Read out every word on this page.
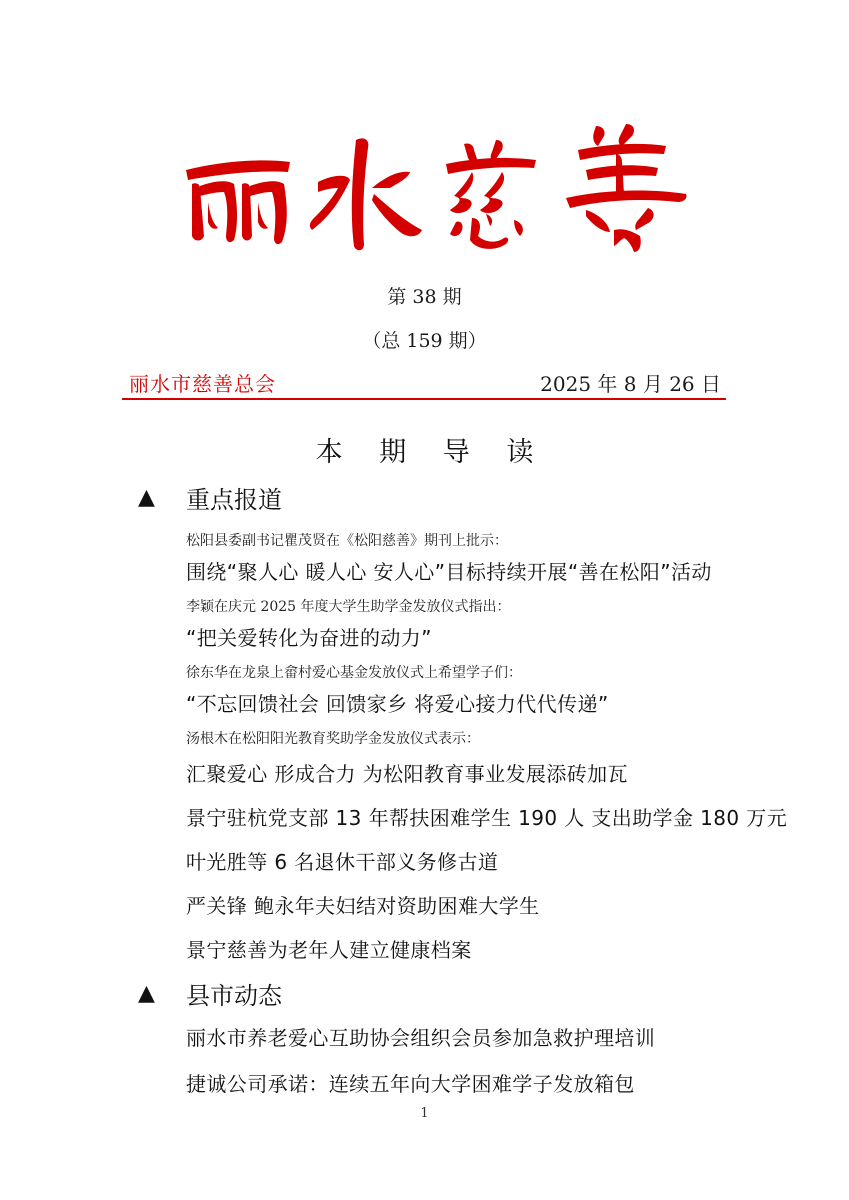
第 38 期
（总 159 期）
丽水市慈善总会	2025 年 8 月 26 日
本 期 导 读
▲	重点报道
松阳县委副书记瞿茂贤在《松阳慈善》期刊上批示：
围绕“聚人心 暖人心 安人心”目标持续开展“善在松阳”活动
李颖在庆元 2025 年度大学生助学金发放仪式指出：
“把关爱转化为奋进的动力”
徐东华在龙泉上畲村爱心基金发放仪式上希望学子们：
“不忘回馈社会 回馈家乡 将爱心接力代代传递”
汤根木在松阳阳光教育奖助学金发放仪式表示：
汇聚爱心 形成合力 为松阳教育事业发展添砖加瓦
景宁驻杭党支部 13 年帮扶困难学生 190 人 支出助学金 180 万元
叶光胜等 6 名退休干部义务修古道
严关锋 鲍永年夫妇结对资助困难大学生
景宁慈善为老年人建立健康档案
▲	县市动态
丽水市养老爱心互助协会组织会员参加急救护理培训
捷诚公司承诺：连续五年向大学困难学子发放箱包
1
